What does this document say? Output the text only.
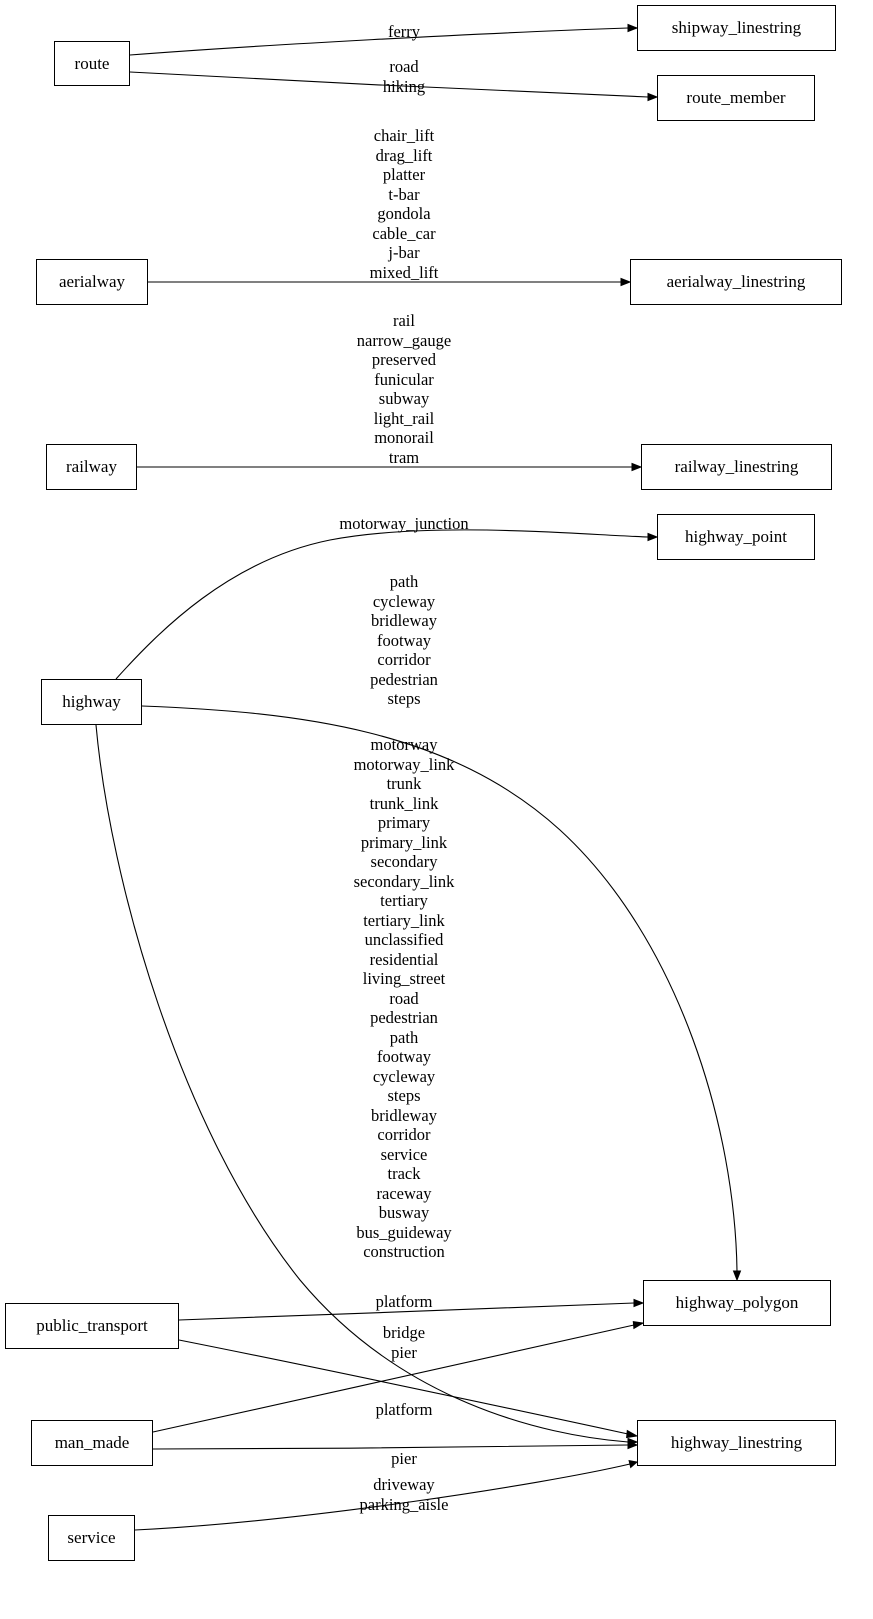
route
shipway_linestring
route_member
aerialway	aerialway_linestring
railway	railway_linestring
highway_point
highway
highway_polygon
public_transport
man_made	highway_linestring
service
ferry
road
hiking
chair_lift
drag_lift
platter
t-bar
gondola
cable_car
j-bar
mixed_lift
rail
narrow_gauge
preserved
funicular
subway
light_rail
monorail
tram
motorway_junction
path
cycleway
bridleway
footway
corridor
pedestrian
steps
motorway
motorway_link
trunk
trunk_link
primary
primary_link
secondary
secondary_link
tertiary
tertiary_link
unclassified
residential
living_street
road
pedestrian
path
footway
cycleway
steps
bridleway
corridor
service
track
raceway
busway
bus_guideway
construction
platform
bridge
pier
platform
pier
driveway
parking_aisle
